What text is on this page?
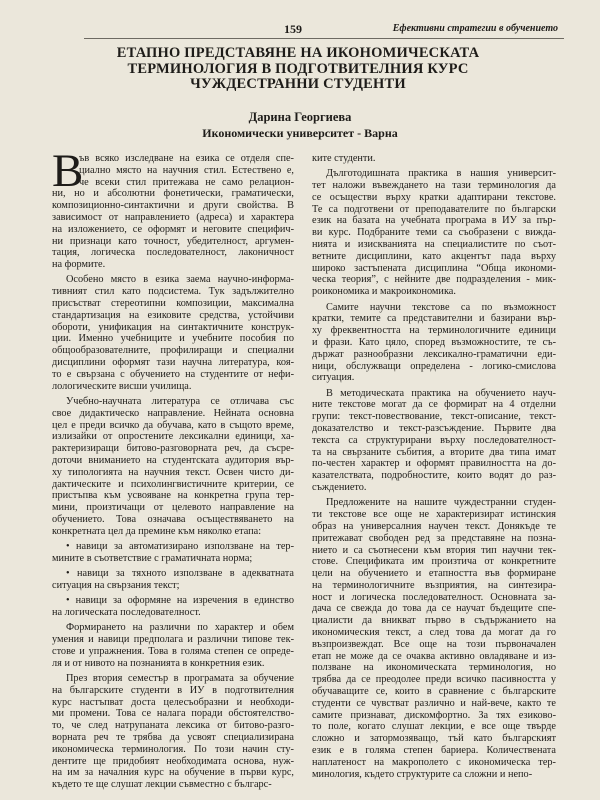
159	Ефективни стратегии в обучението
ЕТАПНО ПРЕДСТАВЯНЕ НА ИКОНОМИЧЕСКАТА
ТЕРМИНОЛОГИЯ В ПОДГОТВИТЕЛНИЯ КУРС
ЧУЖДЕСТРАННИ СТУДЕНТИ
Дарина Георгиева
Икономически университет - Варна
В
ъв всяко изследване на езика се отделя спе-
циално място на научния стил. Естествено е,
че всеки стил притежава не само релацион-
ни, но и абсолютни фонетически, граматически,
композиционно-синтактични и други свойства. В
зависимост от направлението (адреса) и характера
на изложението, се оформят и неговите специфич-
ни признаци като точност, убедителност, аргумен-
тация, логическа последователност, лаконичност
на формите.
Особено място в езика заема научно-информа-
тивният стил като подсистема. Тук задължително
присъстват стереотипни композиции, максимална
стандартизация на езиковите средства, устойчиви
обороти, унификация на синтактичните конструк-
ции. Именно учебниците и учебните пособия по
общообразователните, профилиращи и специални
дисциплини оформят тази научна литература, коя-
то е свързана с обучението на студентите от нефи-
лологическите висши училища.
Учебно-научната литература се отличава със
свое дидактическо направление. Нейната основна
цел е преди всичко да обучава, като в същото време,
излизайки от опростените лексикални единици, ха-
рактеризиращи битово-разговорната реч, да съсре-
доточи вниманието на студентската аудитория вър-
ху типологията на научния текст. Освен чисто ди-
дактическите и психолингвистичните критерии, се
пристъпва към усвояване на конкретна група тер-
мини, произтичащи от целевото направление на
обучението. Това означава осъществяването на
конкретната цел да премине към няколко етапа:
• навици за автоматизирано използване на тер-
мините в съответствие с граматичната норма;
• навици за тяхното използване в адекватната
ситуация на свързания текст;
• навици за оформяне на изречения в единство
на логическата последователност.
Формирането на различни по характер и обем
умения и навици предполага и различни типове тек-
стове и упражнения. Това в голяма степен се опреде-
ля и от нивото на познанията в конкретния език.
През втория семестър в програмата за обучение
на българските студенти в ИУ в подготвителния
курс настъпват доста целесъобразни и необходи-
ми промени. Това се налага поради обстоятелство-
то, че след натрупаната лексика от битово-разго-
ворната реч те трябва да усвоят специализирана
икономическа терминология. По този начин сту-
дентите ще придобият необходимата основа, нуж-
на им за началния курс на обучение в първи курс,
където те ще слушат лекции съвместно с българс-
ките студенти.
Дълготодишната практика в нашия университ-
тет наложи въвеждането на тази терминология да
се осъществи върху кратки адаптирани текстове.
Те са подготвени от преподавателите по български
език на базата на учебната програма в ИУ за пър-
ви курс. Подбраните теми са съобразени с вижда-
нията и изискванията на специалистите по съот-
ветните дисциплини, като акцентът пада върху
широко застъпената дисциплина “Обща икономи-
ческа теория”, с нейните две подразделения - мик-
роикономика и макроикономика.
Самите научни текстове са по възможност
кратки, темите са представителни и базирани вър-
ху фреквентността на терминологичните единици
и фрази. Като цяло, според възможностите, те съ-
държат разнообразни лексикално-граматични еди-
ници, обслужващи определена - логико-смислова
ситуация.
В методическата практика на обучението науч-
ните текстове могат да се формират на 4 отделни
групи: текст-повествование, текст-описание, текст-
доказателство и текст-разсъждение. Първите два
текста са структурирани върху последователност-
та на свързаните събития, а вторите два типа имат
по-честен характер и оформят правилността на до-
казателствата, подробностите, които водят до раз-
съждението.
Предложените на нашите чуждестранни студен-
ти текстове все още не характеризират истинския
образ на универсалния научен текст. Донякъде те
притежават свободен ред за представяне на позна-
нието и са съотнесени към втория тип научни тек-
стове. Спецификата им произтича от конкретните
цели на обучението и етапността във формиране
на терминологичните възприятия, на синтезира-
ност и логическа последователност. Основната за-
дача се свежда до това да се научат бъдещите спе-
циалисти да вникват първо в съдържанието на
икономическия текст, а след това да могат да го
възпроизвеждат. Все още на този първоначален
етап не може да се очаква активно овладяване и из-
ползване на икономическата терминология, но
трябва да се преодолее преди всичко пасивността у
обучаващите се, които в сравнение с българските
студенти се чувстват различно и най-вече, както те
самите признават, дискомфортно. За тях езиково-
то поле, когато слушат лекции, е все още твърде
сложно и затормозяващо, тъй като българският
език е в голяма степен бариера. Количествената
наплатеност на макрополето с икономическа тер-
минология, където структурите са сложни и непо-
